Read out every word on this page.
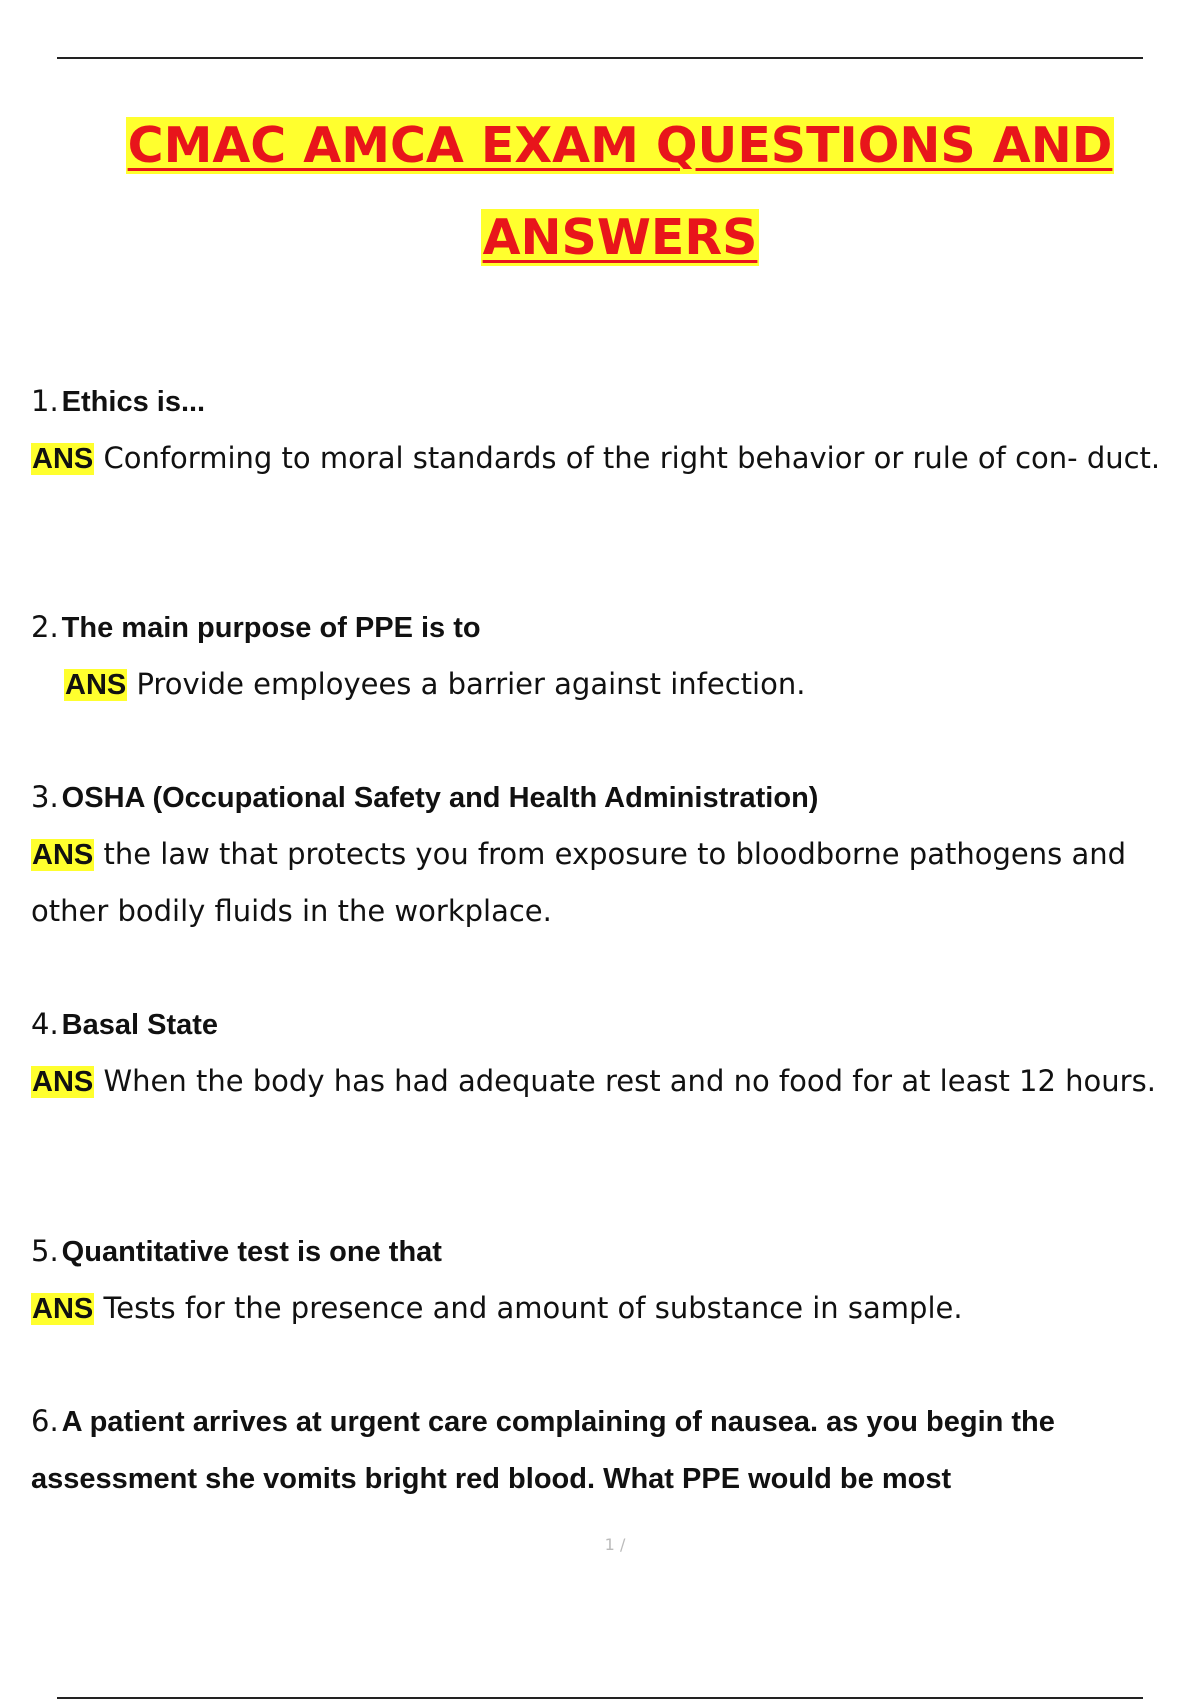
CMAC AMCA EXAM QUESTIONS AND
ANSWERS
1. Ethics is...
ANS Conforming to moral standards of the right behavior or rule of con- duct.
2. The main purpose of PPE is to
ANS Provide employees a barrier against infection.
3. OSHA (Occupational Safety and Health Administration)
ANS the law that protects you from exposure to bloodborne pathogens and other bodily fluids in the workplace.
4. Basal State
ANS When the body has had adequate rest and no food for at least 12 hours.
5. Quantitative test is one that
ANS Tests for the presence and amount of substance in sample.
6. A patient arrives at urgent care complaining of nausea. as you begin the assessment she vomits bright red blood. What PPE would be most
1 /
